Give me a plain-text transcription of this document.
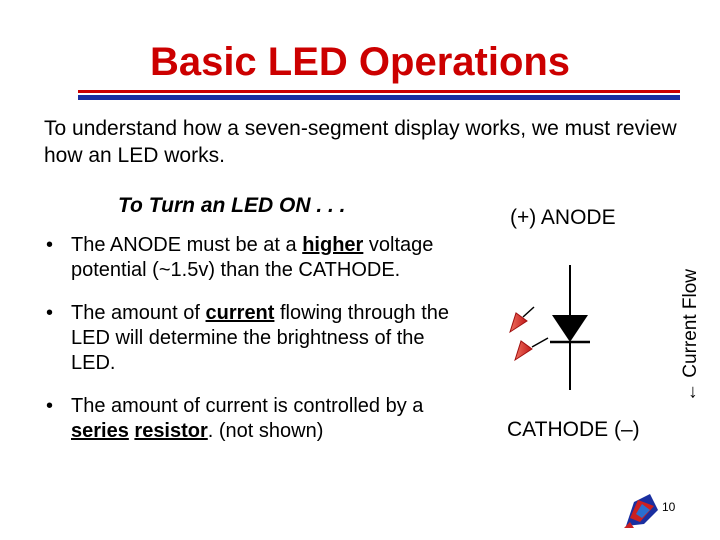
Basic LED Operations
To understand how a seven-segment display works, we must review how an LED works.
To Turn an LED ON . . .
• The ANODE must be at a higher voltage potential (~1.5v) than the CATHODE.
• The amount of current flowing through the LED will determine the brightness of the LED.
• The amount of current is controlled by a series resistor. (not shown)
(+) ANODE
CATHODE (–)
← Current Flow
10
